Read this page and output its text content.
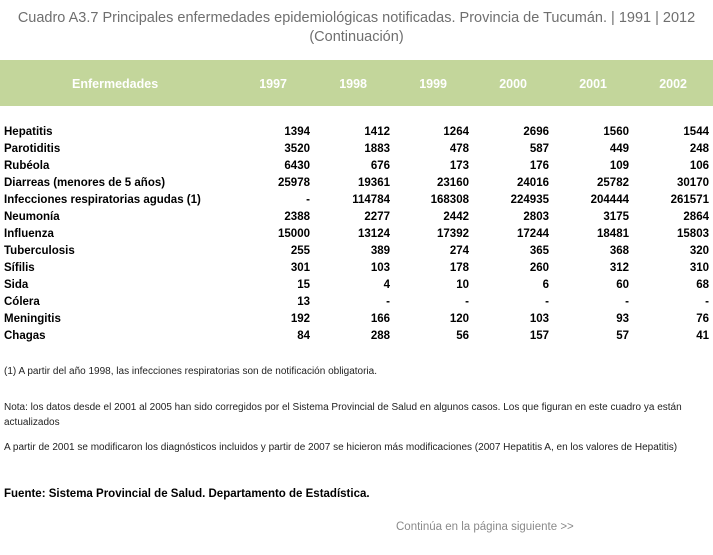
Cuadro A3.7 Principales enfermedades epidemiológicas notificadas. Provincia de Tucumán. | 1991 | 2012
(Continuación)
Enfermedades	1997	1998	1999	2000	2001	2002
Hepatitis	1394	1412	1264	2696	1560	1544
Parotiditis	3520	1883	478	587	449	248
Rubéola	6430	676	173	176	109	106
Diarreas (menores de 5 años)	25978	19361	23160	24016	25782	30170
Infecciones respiratorias agudas (1)	-	114784	168308	224935	204444	261571
Neumonía	2388	2277	2442	2803	3175	2864
Influenza	15000	13124	17392	17244	18481	15803
Tuberculosis	255	389	274	365	368	320
Sífilis	301	103	178	260	312	310
Sida	15	4	10	6	60	68
Cólera	13	-	-	-	-	-
Meningitis	192	166	120	103	93	76
Chagas	84	288	56	157	57	41
(1) A partir del año 1998, las infecciones respiratorias son de notificación obligatoria.
Nota: los datos desde el 2001 al 2005 han sido corregidos por el Sistema Provincial de Salud en algunos casos. Los que figuran en este cuadro ya están actualizados
A partir de 2001 se modificaron los diagnósticos incluidos y partir de 2007 se hicieron más modificaciones (2007 Hepatitis A, en los valores de Hepatitis)
Fuente: Sistema Provincial de Salud. Departamento de Estadística.
Continúa en la página siguiente >>
